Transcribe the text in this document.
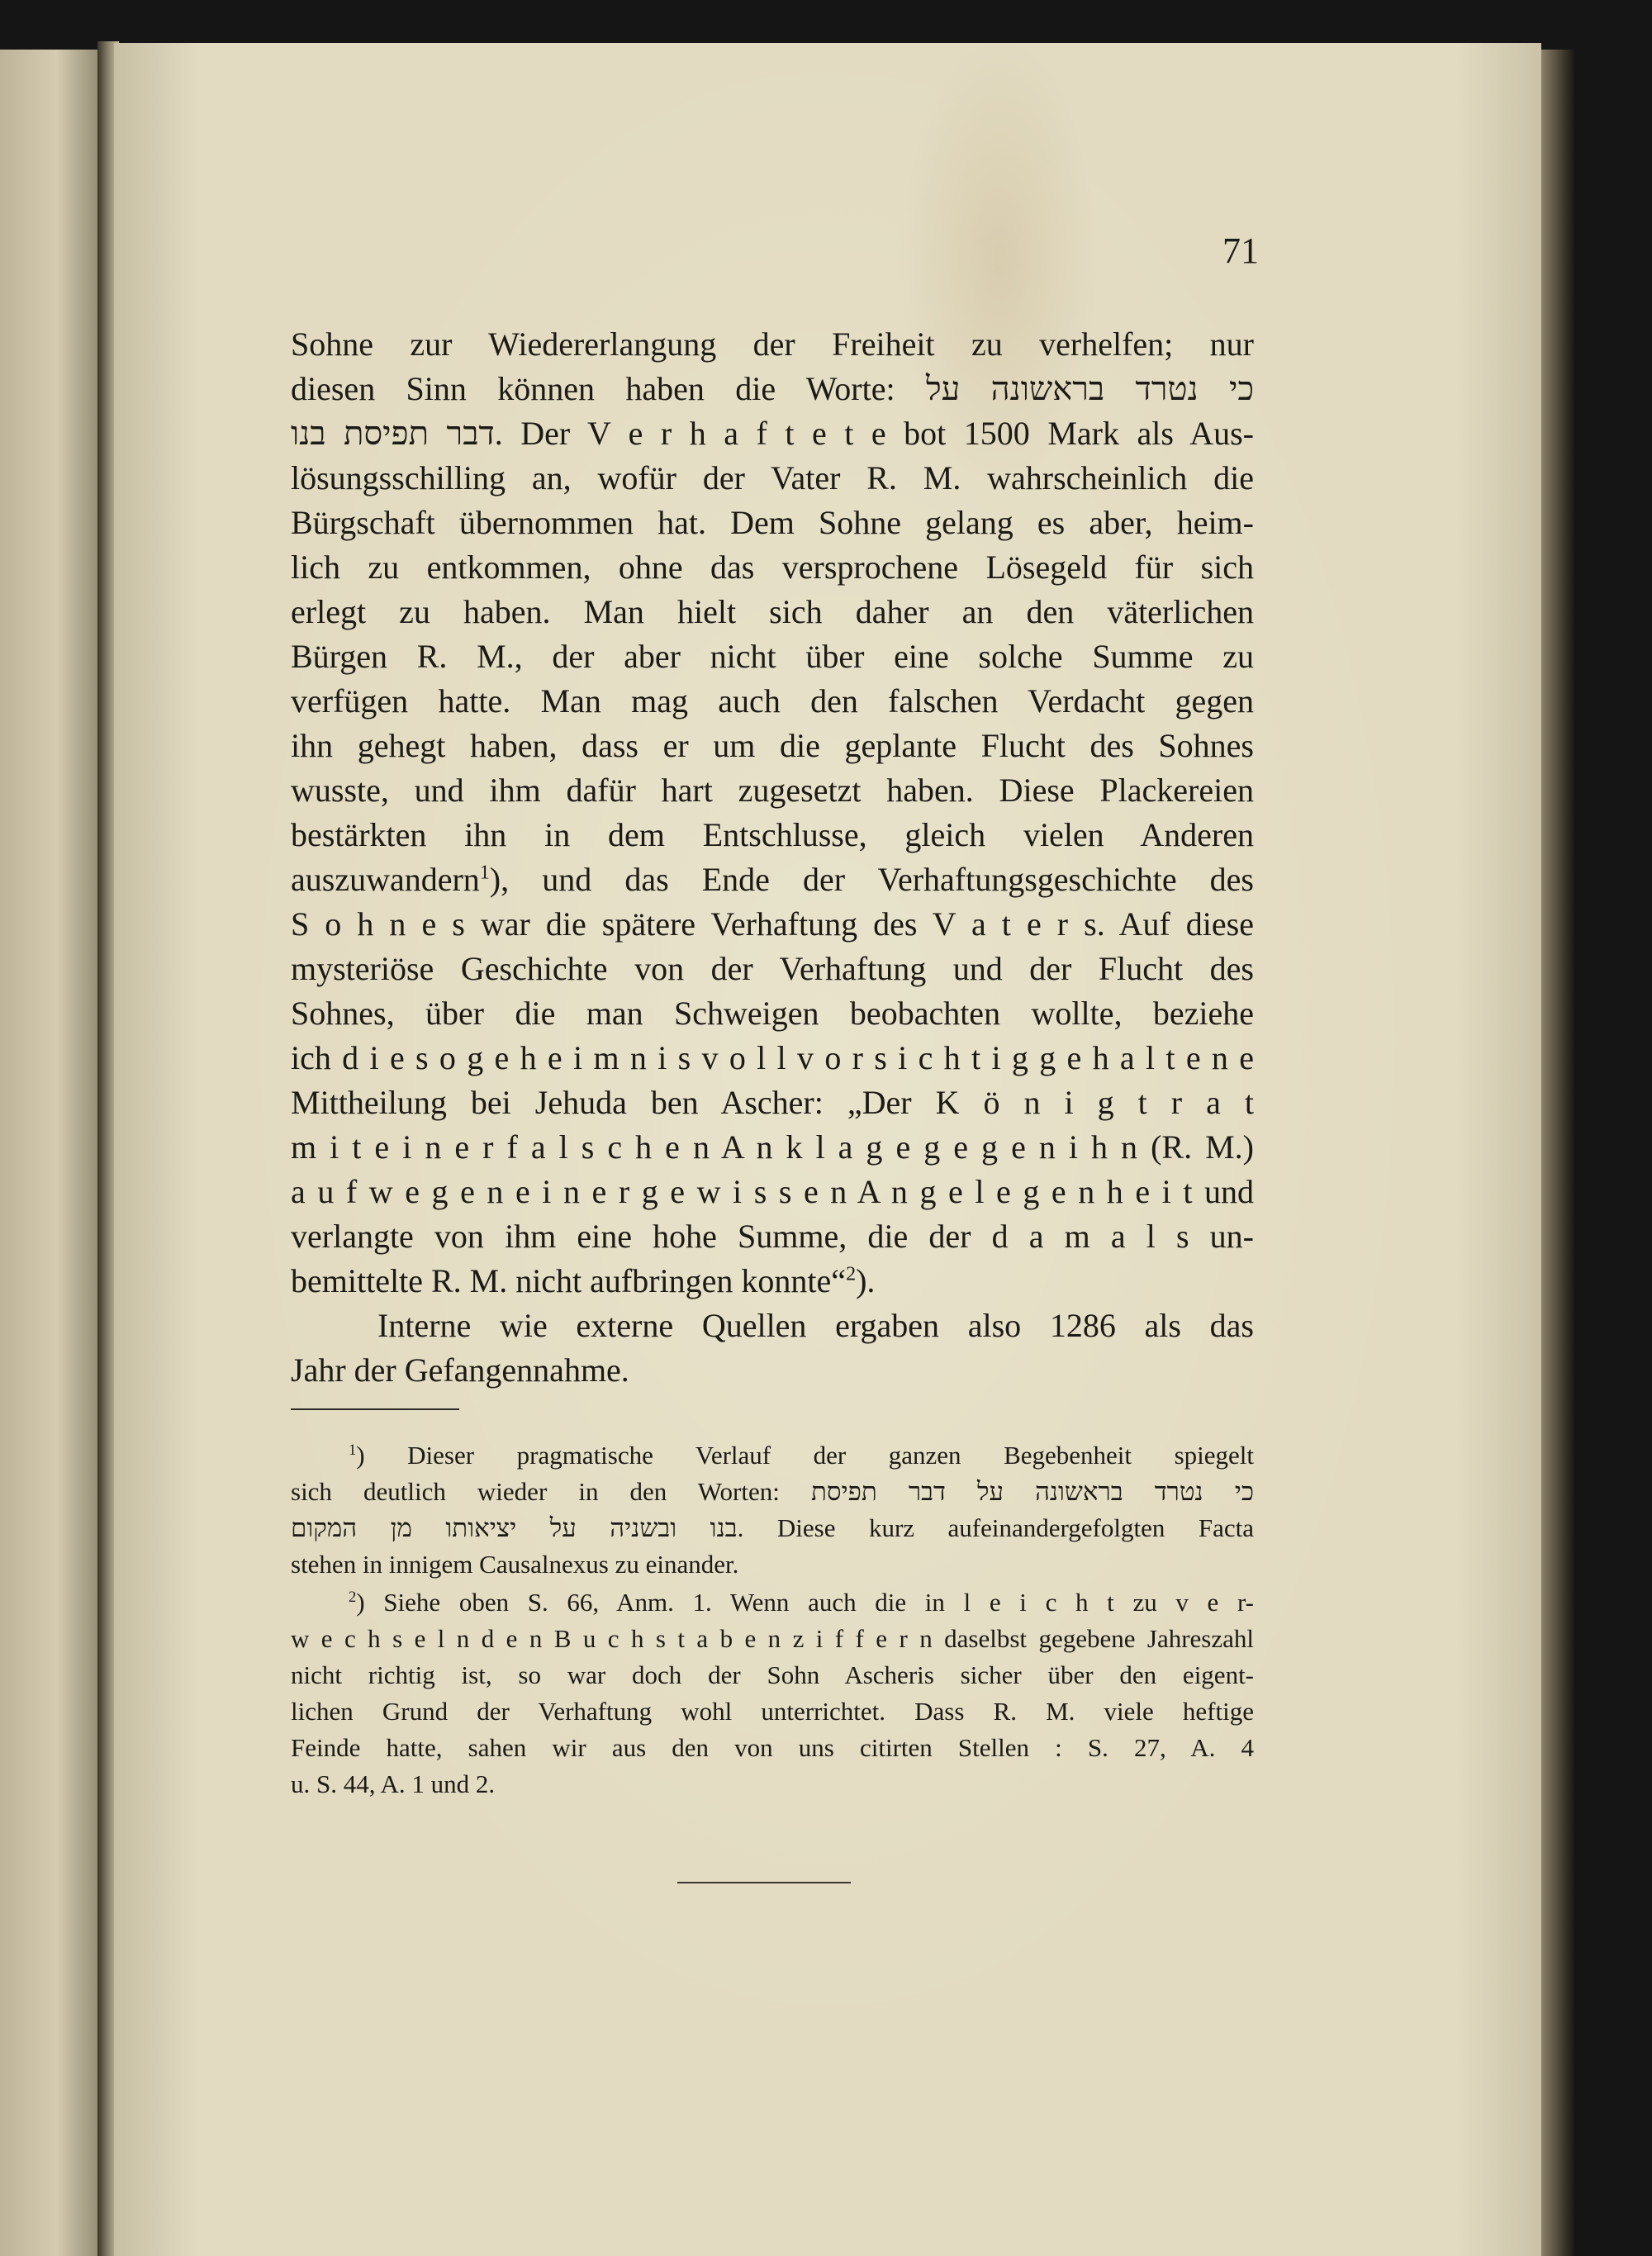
71
Sohne zur Wiedererlangung der Freiheit zu verhelfen; nur
diesen Sinn können haben die Worte: כי נטרד בראשונה על
דבר תפיסת בנו. Der V e r h a f t e t e bot 1500 Mark als Aus-
lösungsschilling an, wofür der Vater R. M. wahrscheinlich die
Bürgschaft übernommen hat. Dem Sohne gelang es aber, heim-
lich zu entkommen, ohne das versprochene Lösegeld für sich
erlegt zu haben. Man hielt sich daher an den väterlichen
Bürgen R. M., der aber nicht über eine solche Summe zu
verfügen hatte. Man mag auch den falschen Verdacht gegen
ihn gehegt haben, dass er um die geplante Flucht des Sohnes
wusste, und ihm dafür hart zugesetzt haben. Diese Plackereien
bestärkten ihn in dem Entschlusse, gleich vielen Anderen
auszuwandern$^1$), und das Ende der Verhaftungsgeschichte des
S o h n e s war die spätere Verhaftung des V a t e r s. Auf diese
mysteriöse Geschichte von der Verhaftung und der Flucht des
Sohnes, über die man Schweigen beobachten wollte, beziehe
ich d i e s o g e h e i m n i s v o l l v o r s i c h t i g g e h a l t e n e
Mittheilung bei Jehuda ben Ascher: „Der K ö n i g t r a t
m i t e i n e r f a l s c h e n A n k l a g e g e g e n i h n (R. M.)
a u f w e g e n e i n e r g e w i s s e n A n g e l e g e n h e i t und
verlangte von ihm eine hohe Summe, die der d a m a l s un-
bemittelte R. M. nicht aufbringen konnte“$^2$).
Interne wie externe Quellen ergaben also 1286 als das
Jahr der Gefangennahme.
$^1$) Dieser pragmatische Verlauf der ganzen Begebenheit spiegelt
sich deutlich wieder in den Worten: כי נטרד בראשונה על דבר תפיסת
בנו ובשניה על יציאותו מן המקום. Diese kurz aufeinandergefolgten Facta
stehen in innigem Causalnexus zu einander.
$^2$) Siehe oben S. 66, Anm. 1. Wenn auch die in l e i c h t zu v e r-
w e c h s e l n d e n B u c h s t a b e n z i f f e r n daselbst gegebene Jahreszahl
nicht richtig ist, so war doch der Sohn Ascheris sicher über den eigent-
lichen Grund der Verhaftung wohl unterrichtet. Dass R. M. viele heftige
Feinde hatte, sahen wir aus den von uns citirten Stellen : S. 27, A. 4
u. S. 44, A. 1 und 2.
